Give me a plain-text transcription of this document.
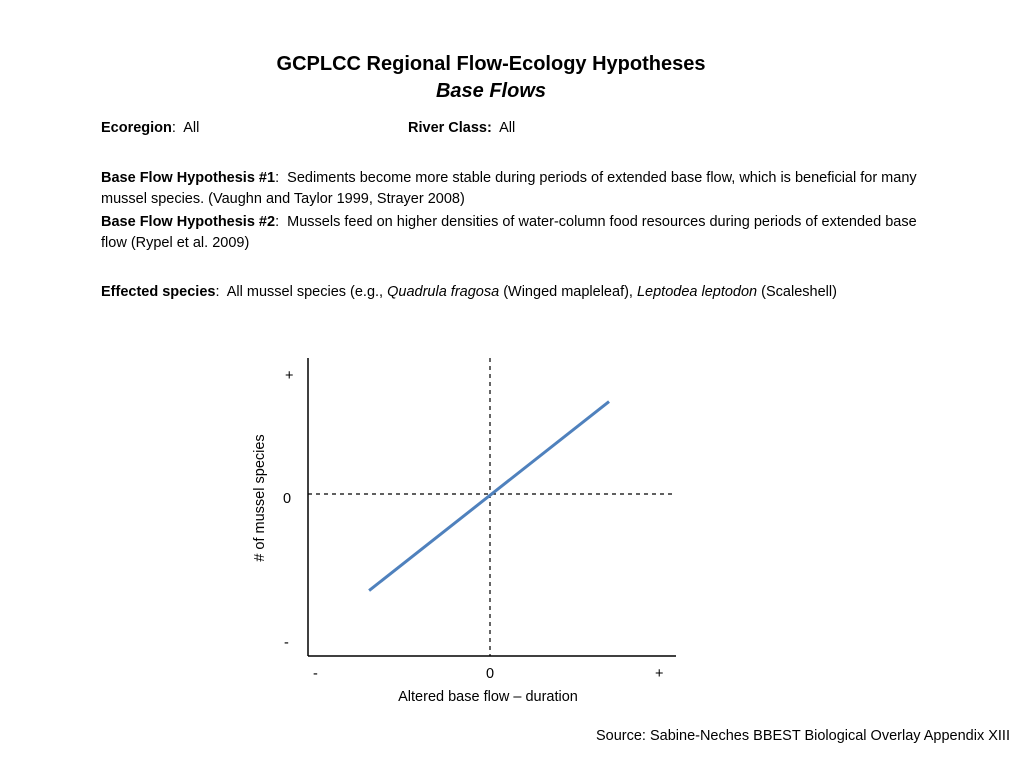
GCPLCC Regional Flow-Ecology Hypotheses
Base Flows
Ecoregion:  All	River Class: All
Base Flow Hypothesis #1:  Sediments become more stable during periods of extended base flow, which is beneficial for many mussel species. (Vaughn and Taylor 1999, Strayer 2008)
Base Flow Hypothesis #2:  Mussels feed on higher densities of water-column food resources during periods of extended base flow (Rypel et al. 2009)
Effected species:  All mussel species (e.g., Quadrula fragosa (Winged mapleleaf), Leptodea leptodon (Scaleshell)
-
0
+
-	0	+
Altered base flow – duration
# of mussel species
Source: Sabine-Neches BBEST Biological Overlay Appendix XIII
